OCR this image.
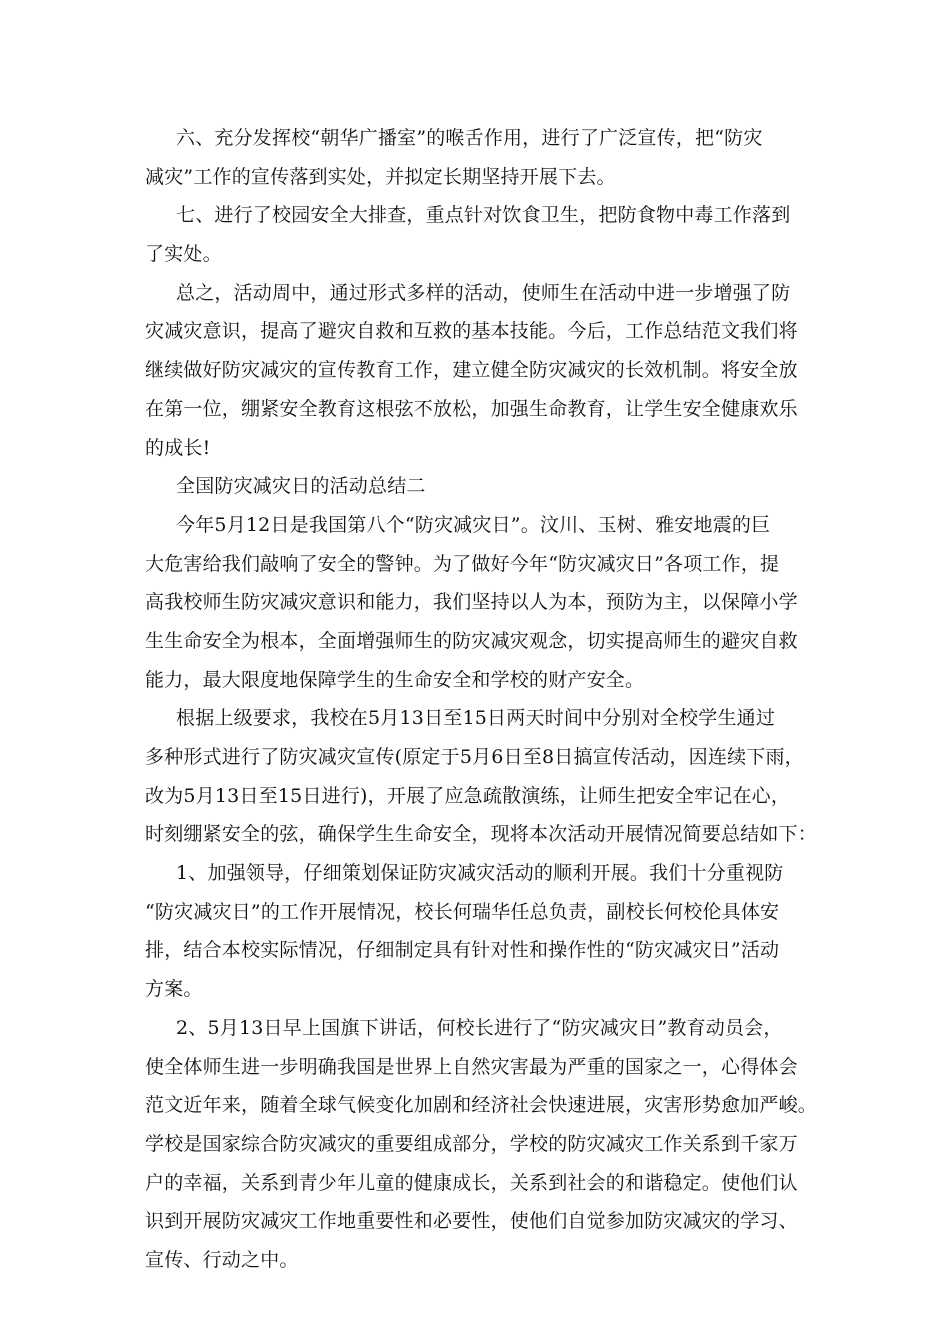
六、充分发挥校“朝华广播室”的喉舌作用，进行了广泛宣传，把“防灾
减灾”工作的宣传落到实处，并拟定长期坚持开展下去。
七、进行了校园安全大排查，重点针对饮食卫生，把防食物中毒工作落到
了实处。
总之，活动周中，通过形式多样的活动，使师生在活动中进一步增强了防
灾减灾意识，提高了避灾自救和互救的基本技能。今后，工作总结范文我们将
继续做好防灾减灾的宣传教育工作，建立健全防灾减灾的长效机制。将安全放
在第一位，绷紧安全教育这根弦不放松，加强生命教育，让学生安全健康欢乐
的成长!
全国防灾减灾日的活动总结二
今年5月12日是我国第八个“防灾减灾日”。汶川、玉树、雅安地震的巨
大危害给我们敲响了安全的警钟。为了做好今年“防灾减灾日”各项工作，提
高我校师生防灾减灾意识和能力，我们坚持以人为本，预防为主，以保障小学
生生命安全为根本，全面增强师生的防灾减灾观念，切实提高师生的避灾自救
能力，最大限度地保障学生的生命安全和学校的财产安全。
根据上级要求，我校在5月13日至15日两天时间中分别对全校学生通过
多种形式进行了防灾减灾宣传(原定于5月6日至8日搞宣传活动，因连续下雨，
改为5月13日至15日进行)，开展了应急疏散演练，让师生把安全牢记在心，
时刻绷紧安全的弦，确保学生生命安全，现将本次活动开展情况简要总结如下：
1、加强领导，仔细策划保证防灾减灾活动的顺利开展。我们十分重视防
“防灾减灾日”的工作开展情况，校长何瑞华任总负责，副校长何校伦具体安
排，结合本校实际情况，仔细制定具有针对性和操作性的“防灾减灾日”活动
方案。
2、5月13日早上国旗下讲话，何校长进行了“防灾减灾日”教育动员会，
使全体师生进一步明确我国是世界上自然灾害最为严重的国家之一，心得体会
范文近年来，随着全球气候变化加剧和经济社会快速进展，灾害形势愈加严峻。
学校是国家综合防灾减灾的重要组成部分，学校的防灾减灾工作关系到千家万
户的幸福，关系到青少年儿童的健康成长，关系到社会的和谐稳定。使他们认
识到开展防灾减灾工作地重要性和必要性，使他们自觉参加防灾减灾的学习、
宣传、行动之中。
